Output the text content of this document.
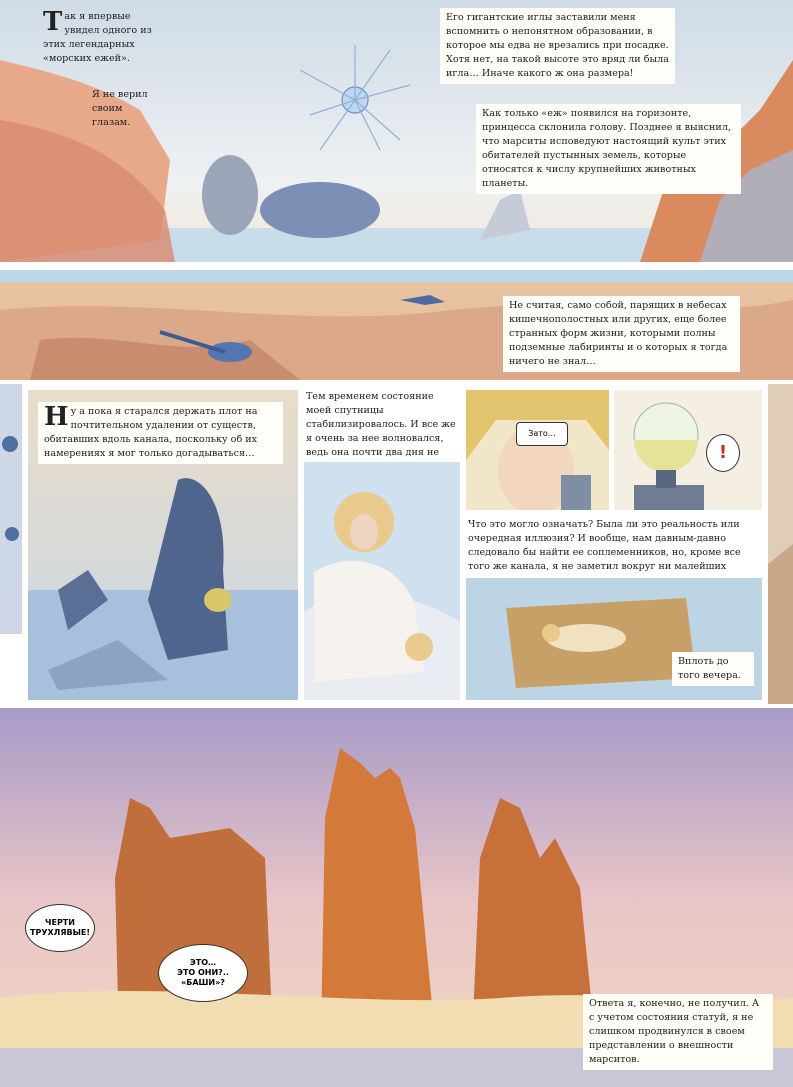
Так я впервые увидел одного из этих легендарных «морских ежей».
Я не верил своим глазам.
Его гигантские иглы заставили меня вспомнить о непонятном образовании, в которое мы едва не врезались при посадке. Хотя нет, на такой высоте это вряд ли была игла… Иначе какого ж она размера!
Как только «еж» появился на горизонте, принцесса склонила голову. Позднее я выяснил, что марситы исповедуют настоящий культ этих обитателей пустынных земель, которые относятся к числу крупнейших животных планеты.
Не считая, само собой, парящих в небесах кишечнополостных или других, еще более странных форм жизни, которыми полны подземные лабиринты и о которых я тогда ничего не знал…
Ну а пока я старался держать плот на почтительном удалении от существ, обитавших вдоль канала, поскольку об их намерениях я мог только догадываться…
Тем временем состояние моей спутницы стабилизировалось. И все же я очень за нее волновался, ведь она почти два дня не
Зато…
!
Что это могло означать? Была ли это реальность или очередная иллюзия? И вообще, нам давным-давно следовало бы найти ее соплеменников, но, кроме все того же канала, я не заметил вокруг ни малейших
Вплоть до того вечера.
ЧЕРТИ
ТРУХЛЯВЫЕ!
ЭТО…
ЭТО ОНИ?..
«БАШИ»?
Ответа я, конечно, не получил. А с учетом состояния статуй, я не слишком продвинулся в своем представлении о внешности марситов.
